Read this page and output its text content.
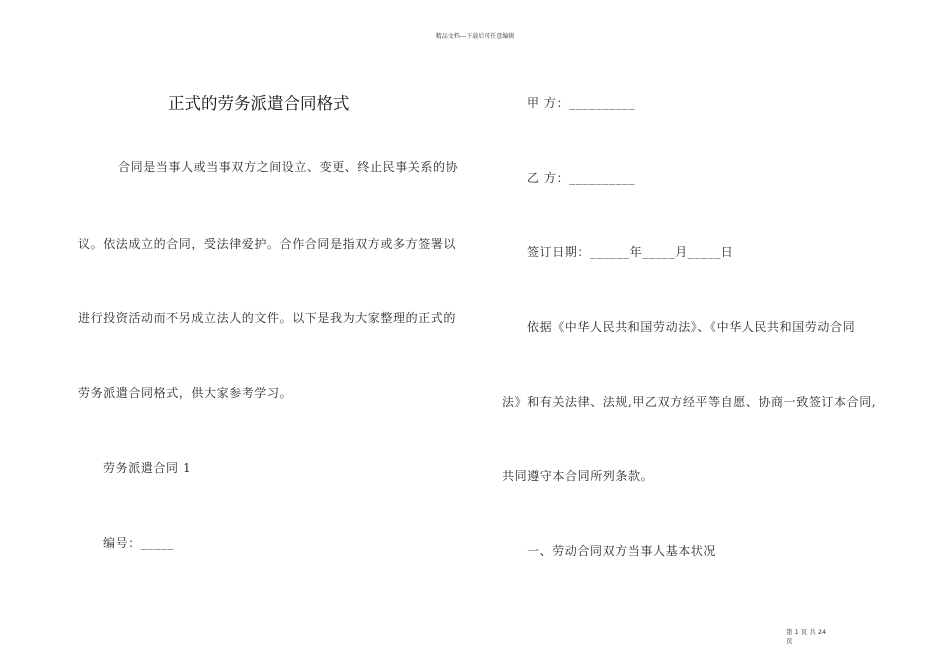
精品文档---下载后可任意编辑
正式的劳务派遣合同格式
合同是当事人或当事双方之间设立、变更、终止民事关系的协
议。依法成立的合同，受法律爱护。合作合同是指双方或多方签署以
进行投资活动而不另成立法人的文件。以下是我为大家整理的正式的
劳务派遣合同格式，供大家参考学习。
劳务派遣合同 1
编号：_____
甲 方：__________
乙 方：__________
签订日期：______年_____月_____日
依据《中华人民共和国劳动法》、《中华人民共和国劳动合同
法》和有关法律、法规,甲乙双方经平等自愿、协商一致签订本合同,
共同遵守本合同所列条款。
一、劳动合同双方当事人基本状况
第 1 页 共 24
页
